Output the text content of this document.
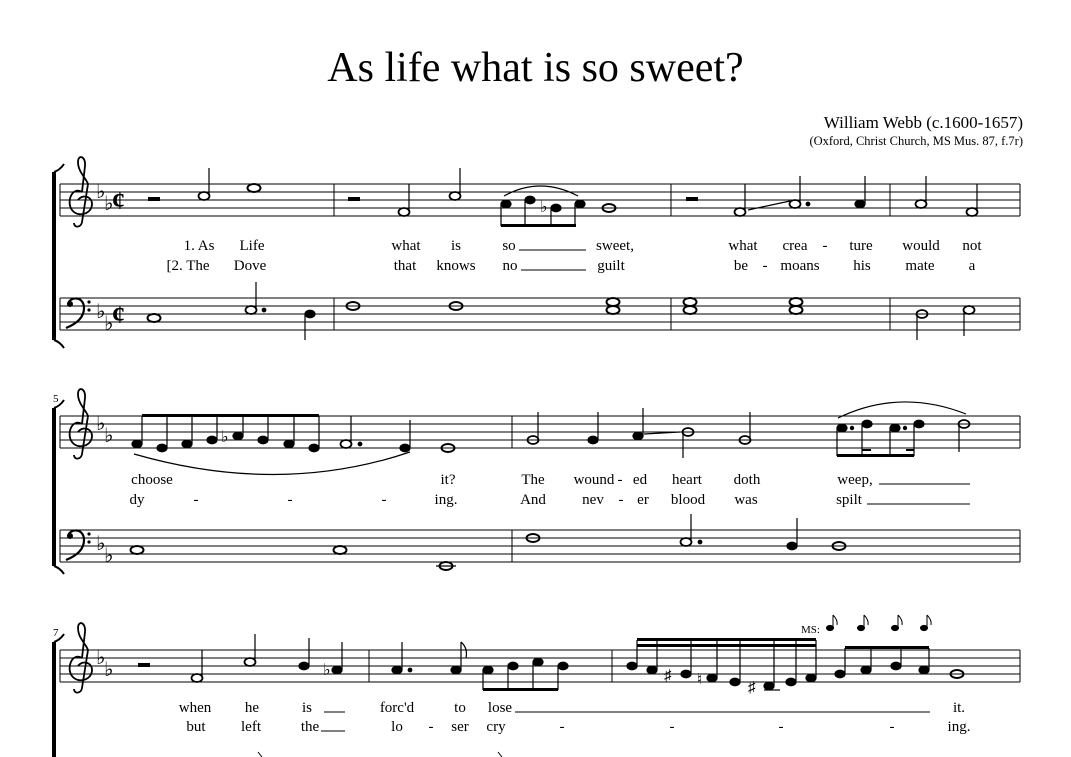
As life what is so sweet?
William Webb (c.1600-1657)
(Oxford, Christ Church, MS Mus. 87, f.7r)
♭
♭
♭
♭
¢
¢
♭
1. As Life	what is	so	sweet,	what crea - ture would not
[2. The Dove	that knows no	guilt	be - moans his mate a
5
♭
♭
♭
♭
♭
choose	it?	The wound - ed heart doth	weep,
dy	-	-	-	ing.	And nev - er blood was	spilt
7	MS:
♭
♭	♭	♯ ♮	♯
when he	is	forc'd	to lose	it.
but left	the	lo - ser cry	-	-	-	-	ing.
